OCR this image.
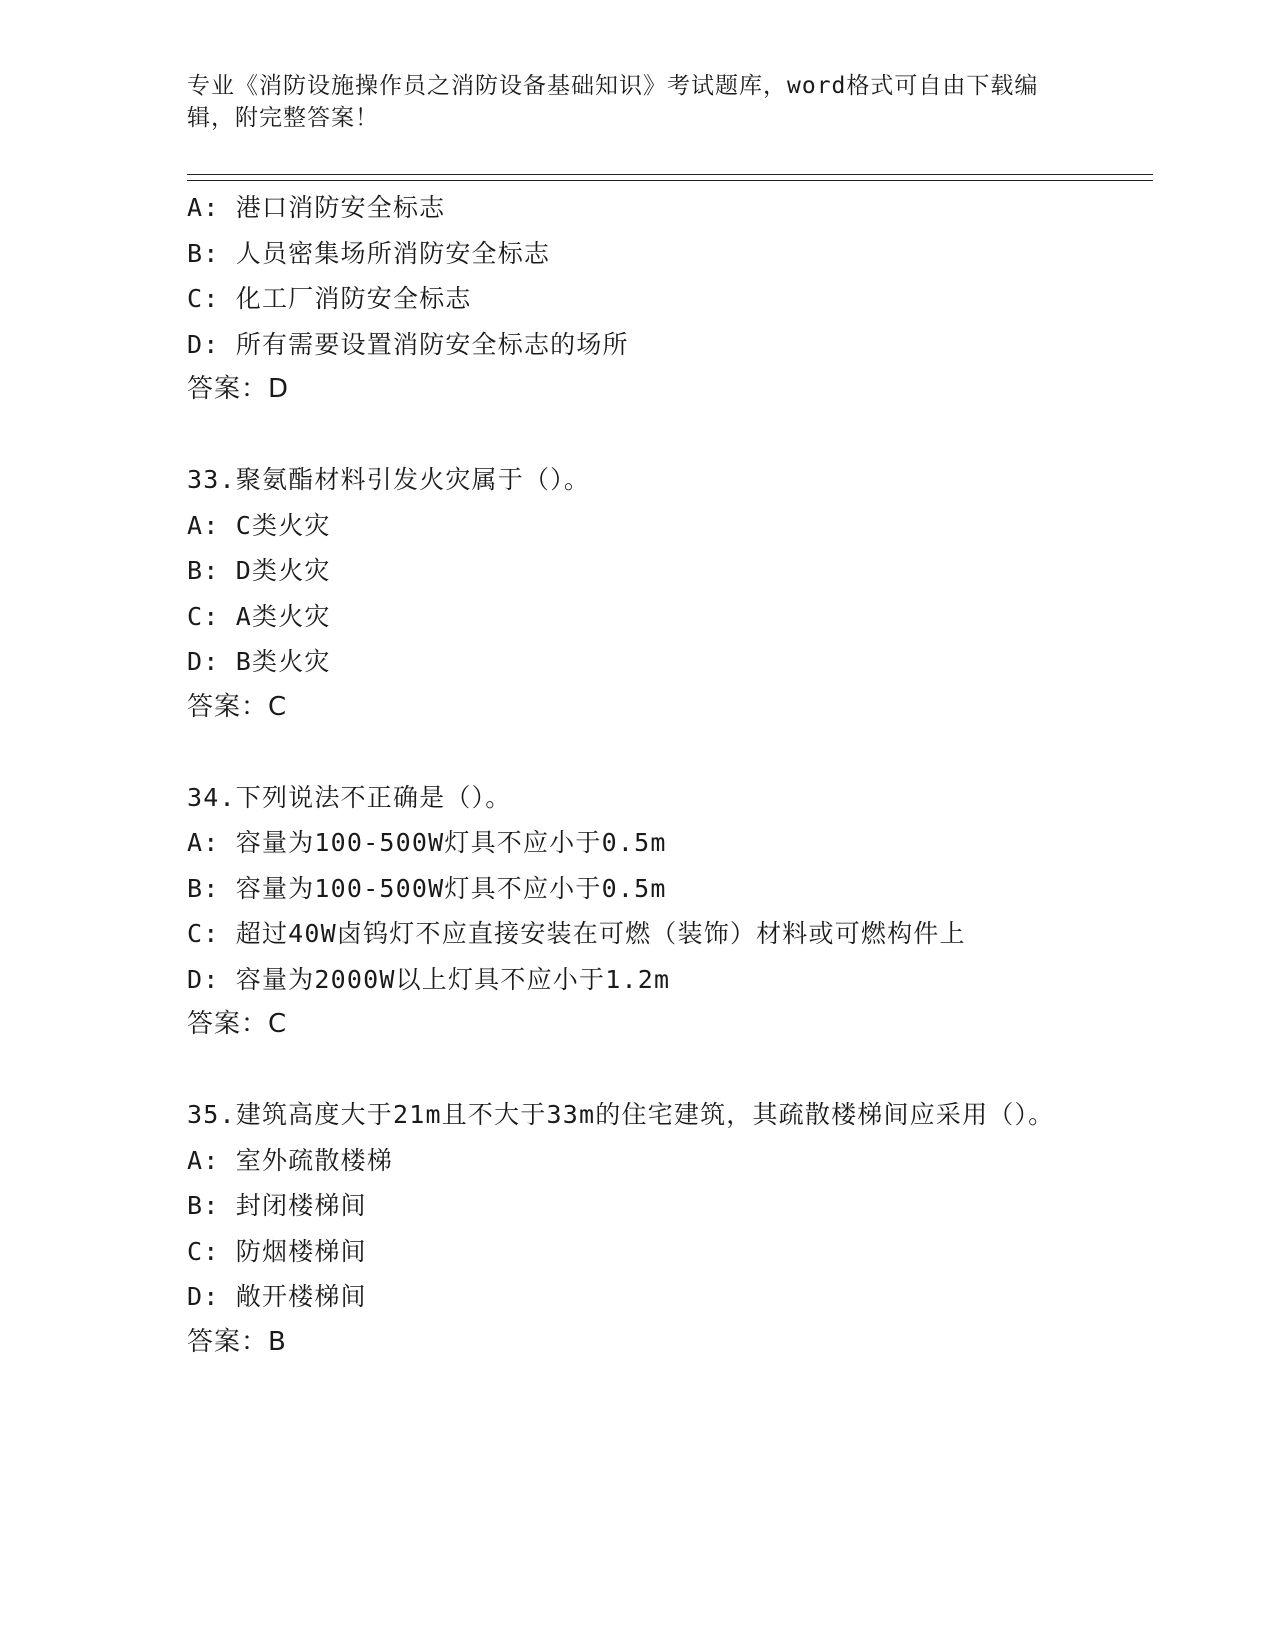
专业《消防设施操作员之消防设备基础知识》考试题库，word格式可自由下载编辑，附完整答案！

A: 港口消防安全标志
B: 人员密集场所消防安全标志
C: 化工厂消防安全标志
D: 所有需要设置消防安全标志的场所
答案：D
33.聚氨酯材料引发火灾属于（）。
A: C类火灾
B: D类火灾
C: A类火灾
D: B类火灾
答案：C
34.下列说法不正确是（）。
A: 容量为100-500W灯具不应小于0.5m
B: 容量为100-500W灯具不应小于0.5m
C: 超过40W卤钨灯不应直接安装在可燃（装饰）材料或可燃构件上
D: 容量为2000W以上灯具不应小于1.2m
答案：C
35.建筑高度大于21m且不大于33m的住宅建筑，其疏散楼梯间应采用（）。
A: 室外疏散楼梯
B: 封闭楼梯间
C: 防烟楼梯间
D: 敞开楼梯间
答案：B
